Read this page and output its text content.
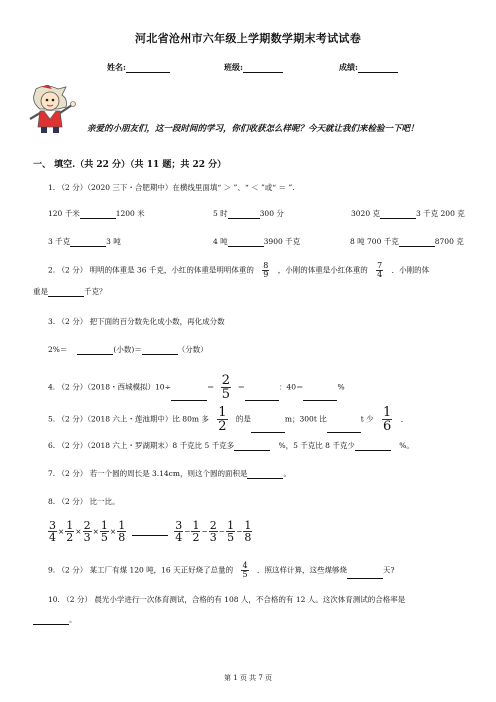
河北省沧州市六年级上学期数学期末考试试卷
姓名:	班级:	成绩:
亲爱的小朋友们，这一段时间的学习，你们收获怎么样呢？今天就让我们来检验一下吧！
一、 填空.（共 22 分）（共 11 题；共 22 分）
1. （2 分）（2020 三下・合肥期中）在横线里面填“ ＞ ”、“ ＜ ”或“ ＝ ”.
120 千米	1200 米	5 时	300 分	3020 克	3 千克 200 克
3 千克	3 吨	4 吨	3900 千克	8 吨 700 千克	8700 克
2. （2 分） 明明的体重是 36 千克，小红的体重是明明体重的 $\frac{8}{9}$ ，小刚的体重是小红体重的 $\frac{7}{4}$ ．小刚的体
重是	千克？
3. （2 分） 把下面的百分数先化成小数，再化成分数
2%＝	(小数)＝	（分数）
4. （2 分）（2018・西城模拟）10÷	＝ $\frac{2}{5}$ ＝	：40＝	%
5. （2 分）（2018 六上・莲池期中）比 80m 多 $\frac{1}{2}$ 的是	m；300t 比	t 少 $\frac{1}{6}$ ．
6. （2 分）（2018 六上・罗湖期末）8 千克比 5 千克多	%，5 千克比 8 千克少	%。
7. （2 分） 若一个圆的周长是 3.14cm，则这个圆的面积是	。
8. （2 分） 比一比。
$\frac{3}{4} \times \frac{1}{2} \times \frac{2}{3} \times \frac{1}{5} \times \frac{1}{8}$	$\frac{3}{4} - \frac{1}{2} - \frac{2}{3} - \frac{1}{5} - \frac{1}{8}$
9. （2 分） 某工厂有煤 120 吨，16 天正好烧了总量的 $\frac{4}{5}$ ．照这样计算，这些煤够烧	天?
10. （2 分） 晨光小学进行一次体育测试，合格的有 108 人，不合格的有 12 人。这次体育测试的合格率是
。
第 1 页 共 7 页
